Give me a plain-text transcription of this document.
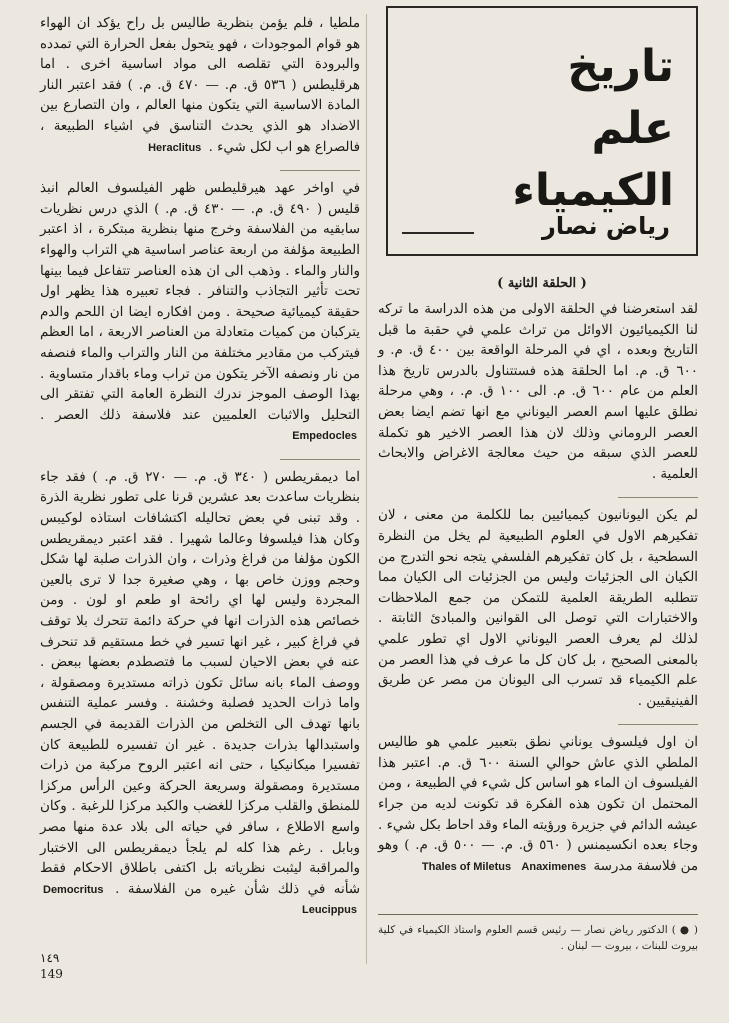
تاريخ
علم
الكيمياء
رياض نصار
( الحلقة الثانية )

لقد استعرضنا في الحلقة الاولى من هذه الدراسة ما تركه لنا الكيميائيون الاوائل من تراث علمي في حقبة ما قبل التاريخ وبعده ، اي في المرحلة الواقعة بين ٤٠٠ ق. م. و ٦٠٠ ق. م. اما الحلقة هذه فستتناول بالدرس تاريخ هذا العلم من عام ٦٠٠ ق. م. الى ١٠٠ ق. م. ، وهي مرحلة نطلق عليها اسم العصر اليوناني مع انها تضم ايضا بعض العصر الروماني وذلك لان هذا العصر الاخير هو تكملة للعصر الذي سبقه من حيث معالجة الاغراض والابحاث العلمية .

لم يكن اليونانيون كيميائيين بما للكلمة من معنى ، لان تفكيرهم الاول في العلوم الطبيعية لم يخل من النظرة السطحية ، بل كان تفكيرهم الفلسفي يتجه نحو التدرج من الكيان الى الجزئيات وليس من الجزئيات الى الكيان مما تتطلبه الطريقة العلمية للتمكن من جمع الملاحظات والاختبارات التي توصل الى القوانين والمبادئ الثابتة . لذلك لم يعرف العصر اليوناني الاول اي تطور علمي بالمعنى الصحيح ، بل كان كل ما عرف في هذا العصر من علم الكيمياء قد تسرب الى اليونان من مصر عن طريق الفينيقيين .

ان اول فيلسوف يوناني نطق بتعبير علمي هو طاليس الملطي الذي عاش حوالي السنة ٦٠٠ ق. م. اعتبر هذا الفيلسوف ان الماء هو اساس كل شيء في الطبيعة ، ومن المحتمل ان تكون هذه الفكرة قد تكونت لديه من جراء عيشه الدائم في جزيرة ورؤيته الماء وقد احاط بكل شيء . وجاء بعده انكسيمنس ( ٥٦٠ ق. م. — ٥٠٠ ق. م. ) وهو من فلاسفة مدرسة Thales of Miletus Anaximenes

ملطيا ، فلم يؤمن بنظرية طاليس بل راح يؤكد ان الهواء هو قوام الموجودات ، فهو يتحول بفعل الحرارة التي تمدده والبرودة التي تقلصه الى مواد اساسية اخرى . اما هرقليطس ( ٥٣٦ ق. م. — ٤٧٠ ق. م. ) فقد اعتبر النار المادة الاساسية التي يتكون منها العالم ، وان التصارع بين الاضداد هو الذي يحدث التناسق في اشياء الطبيعة ، فالصراع هو اب لكل شيء . Heraclitus

في اواخر عهد هيرقليطس ظهر الفيلسوف العالم انبذ قليس ( ٤٩٠ ق. م. — ٤٣٠ ق. م. ) الذي درس نظريات سابقيه من الفلاسفة وخرج منها بنظرية مبتكرة ، اذ اعتبر الطبيعة مؤلفة من اربعة عناصر اساسية هي التراب والهواء والنار والماء . وذهب الى ان هذه العناصر تتفاعل فيما بينها تحت تأثير التجاذب والتنافر . فجاء تعبيره هذا يظهر اول حقيقة كيميائية صحيحة . ومن افكاره ايضا ان اللحم والدم يتركبان من كميات متعادلة من العناصر الاربعة ، اما العظم فيتركب من مقادير مختلفة من النار والتراب والماء فنصفه من نار ونصفه الآخر يتكون من تراب وماء باقدار متساوية . بهذا الوصف الموجز ندرك النظرة العامة التي تفتقر الى التحليل والاثبات العلميين عند فلاسفة ذلك العصر . Empedocles

اما ديمقريطس ( ٣٤٠ ق. م. — ٢٧٠ ق. م. ) فقد جاء بنظريات ساعدت بعد عشرين قرنا على تطور نظرية الذرة . وقد تبنى في بعض تحاليله اكتشافات استاذه لوكيبس وكان هذا فيلسوفا وعالما شهيرا . فقد اعتبر ديمقريطس الكون مؤلفا من فراغ وذرات ، وان الذرات صلبة لها شكل وحجم ووزن خاص بها ، وهي صغيرة جدا لا ترى بالعين المجردة وليس لها اي رائحة او طعم او لون . ومن خصائص هذه الذرات انها في حركة دائمة تتحرك بلا توقف في فراغ كبير ، غير انها تسير في خط مستقيم قد تنحرف عنه في بعض الاحيان لسبب ما فتصطدم بعضها ببعض . ووصف الماء بانه سائل تكون ذراته مستديرة ومصقولة ، واما ذرات الحديد فصلبة وخشنة . وفسر عملية التنفس بانها تهدف الى التخلص من الذرات القديمة في الجسم واستبدالها بذرات جديدة . غير ان تفسيره للطبيعة كان تفسيرا ميكانيكيا ، حتى انه اعتبر الروح مركبة من ذرات مستديرة ومصقولة وسريعة الحركة وعين الرأس مركزا للمنطق والقلب مركزا للغضب والكبد مركزا للرغبة . وكان واسع الاطلاع ، سافر في حياته الى بلاد عدة منها مصر وبابل . رغم هذا كله لم يلجأ ديمقريطس الى الاختبار والمراقبة ليثبت نظرياته بل اكتفى باطلاق الاحكام فقط شأنه في ذلك شأن غيره من الفلاسفة . Democritus Leucippus

( ● ) الدكتور رياض نصار — رئيس قسم العلوم واستاذ الكيمياء في كلية بيروت للبنات ، بيروت — لبنان .
١٤٩
149
